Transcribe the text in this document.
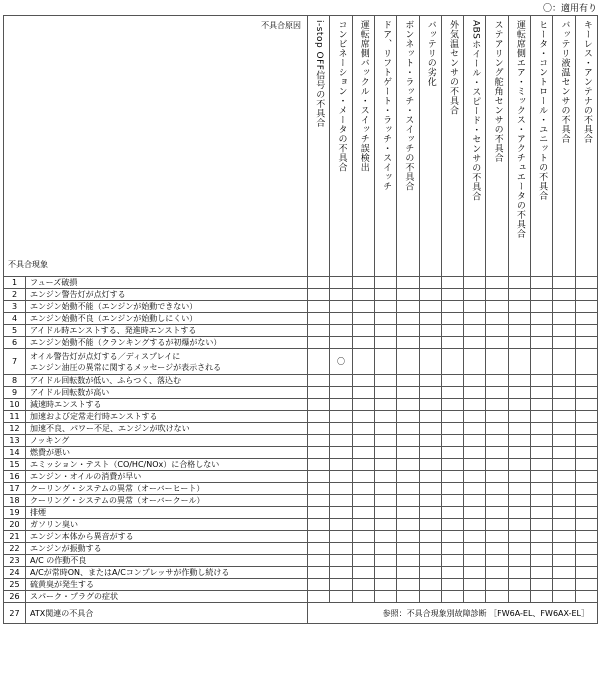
〇：適用有り
不具合原因
不具合現象		i-stop OFF信号の不具合	コンビネーション・メータの不具合	運転席側バックル・スイッチ誤検出	ドア、リフトゲート・ラッチ・スイッチ	ボンネット・ラッチ・スイッチの不具合	バッテリの劣化	外気温センサの不具合	ABSホイール・スピード・センサの不具合	ステアリング舵角センサの不具合	運転席側エア・ミックス・アクチュエータの不具合	ヒータ・コントロール・ユニットの不具合	バッテリ液温センサの不具合	キーレス・アンテナの不具合

1	フューズ破損													
2	エンジン警告灯が点灯する													
3	エンジン始動不能（エンジンが始動できない）													
4	エンジン始動不良（エンジンが始動しにくい）													
5	アイドル時エンストする、発進時エンストする													
6	エンジン始動不能（クランキングするが初爆がない）													
7	オイル警告灯が点灯する／ディスプレイに
エンジン油圧の異常に関するメッセージが表示される		〇											
8	アイドル回転数が低い、ふらつく、落込む													
9	アイドル回転数が高い													
10	減速時エンストする													
11	加速および定常走行時エンストする													
12	加速不良、パワー不足、エンジンが吹けない													
13	ノッキング													
14	燃費が悪い													
15	エミッション・テスト（CO/HC/NOx）に合格しない													
16	エンジン・オイルの消費が早い													
17	クーリング・システムの異常（オーバーヒート）													
18	クーリング・システムの異常（オーバークール）													
19	排煙													
20	ガソリン臭い													
21	エンジン本体から異音がする													
22	エンジンが振動する													
23	A/C の作動不良													
24	A/Cが常時ON、またはA/Cコンプレッサが作動し続ける													
25	硫黄臭が発生する													
26	スパーク・プラグの症状													
27	ATX関連の不具合	参照：不具合現象別故障診断 ［FW6A-EL、FW6AX-EL］												
